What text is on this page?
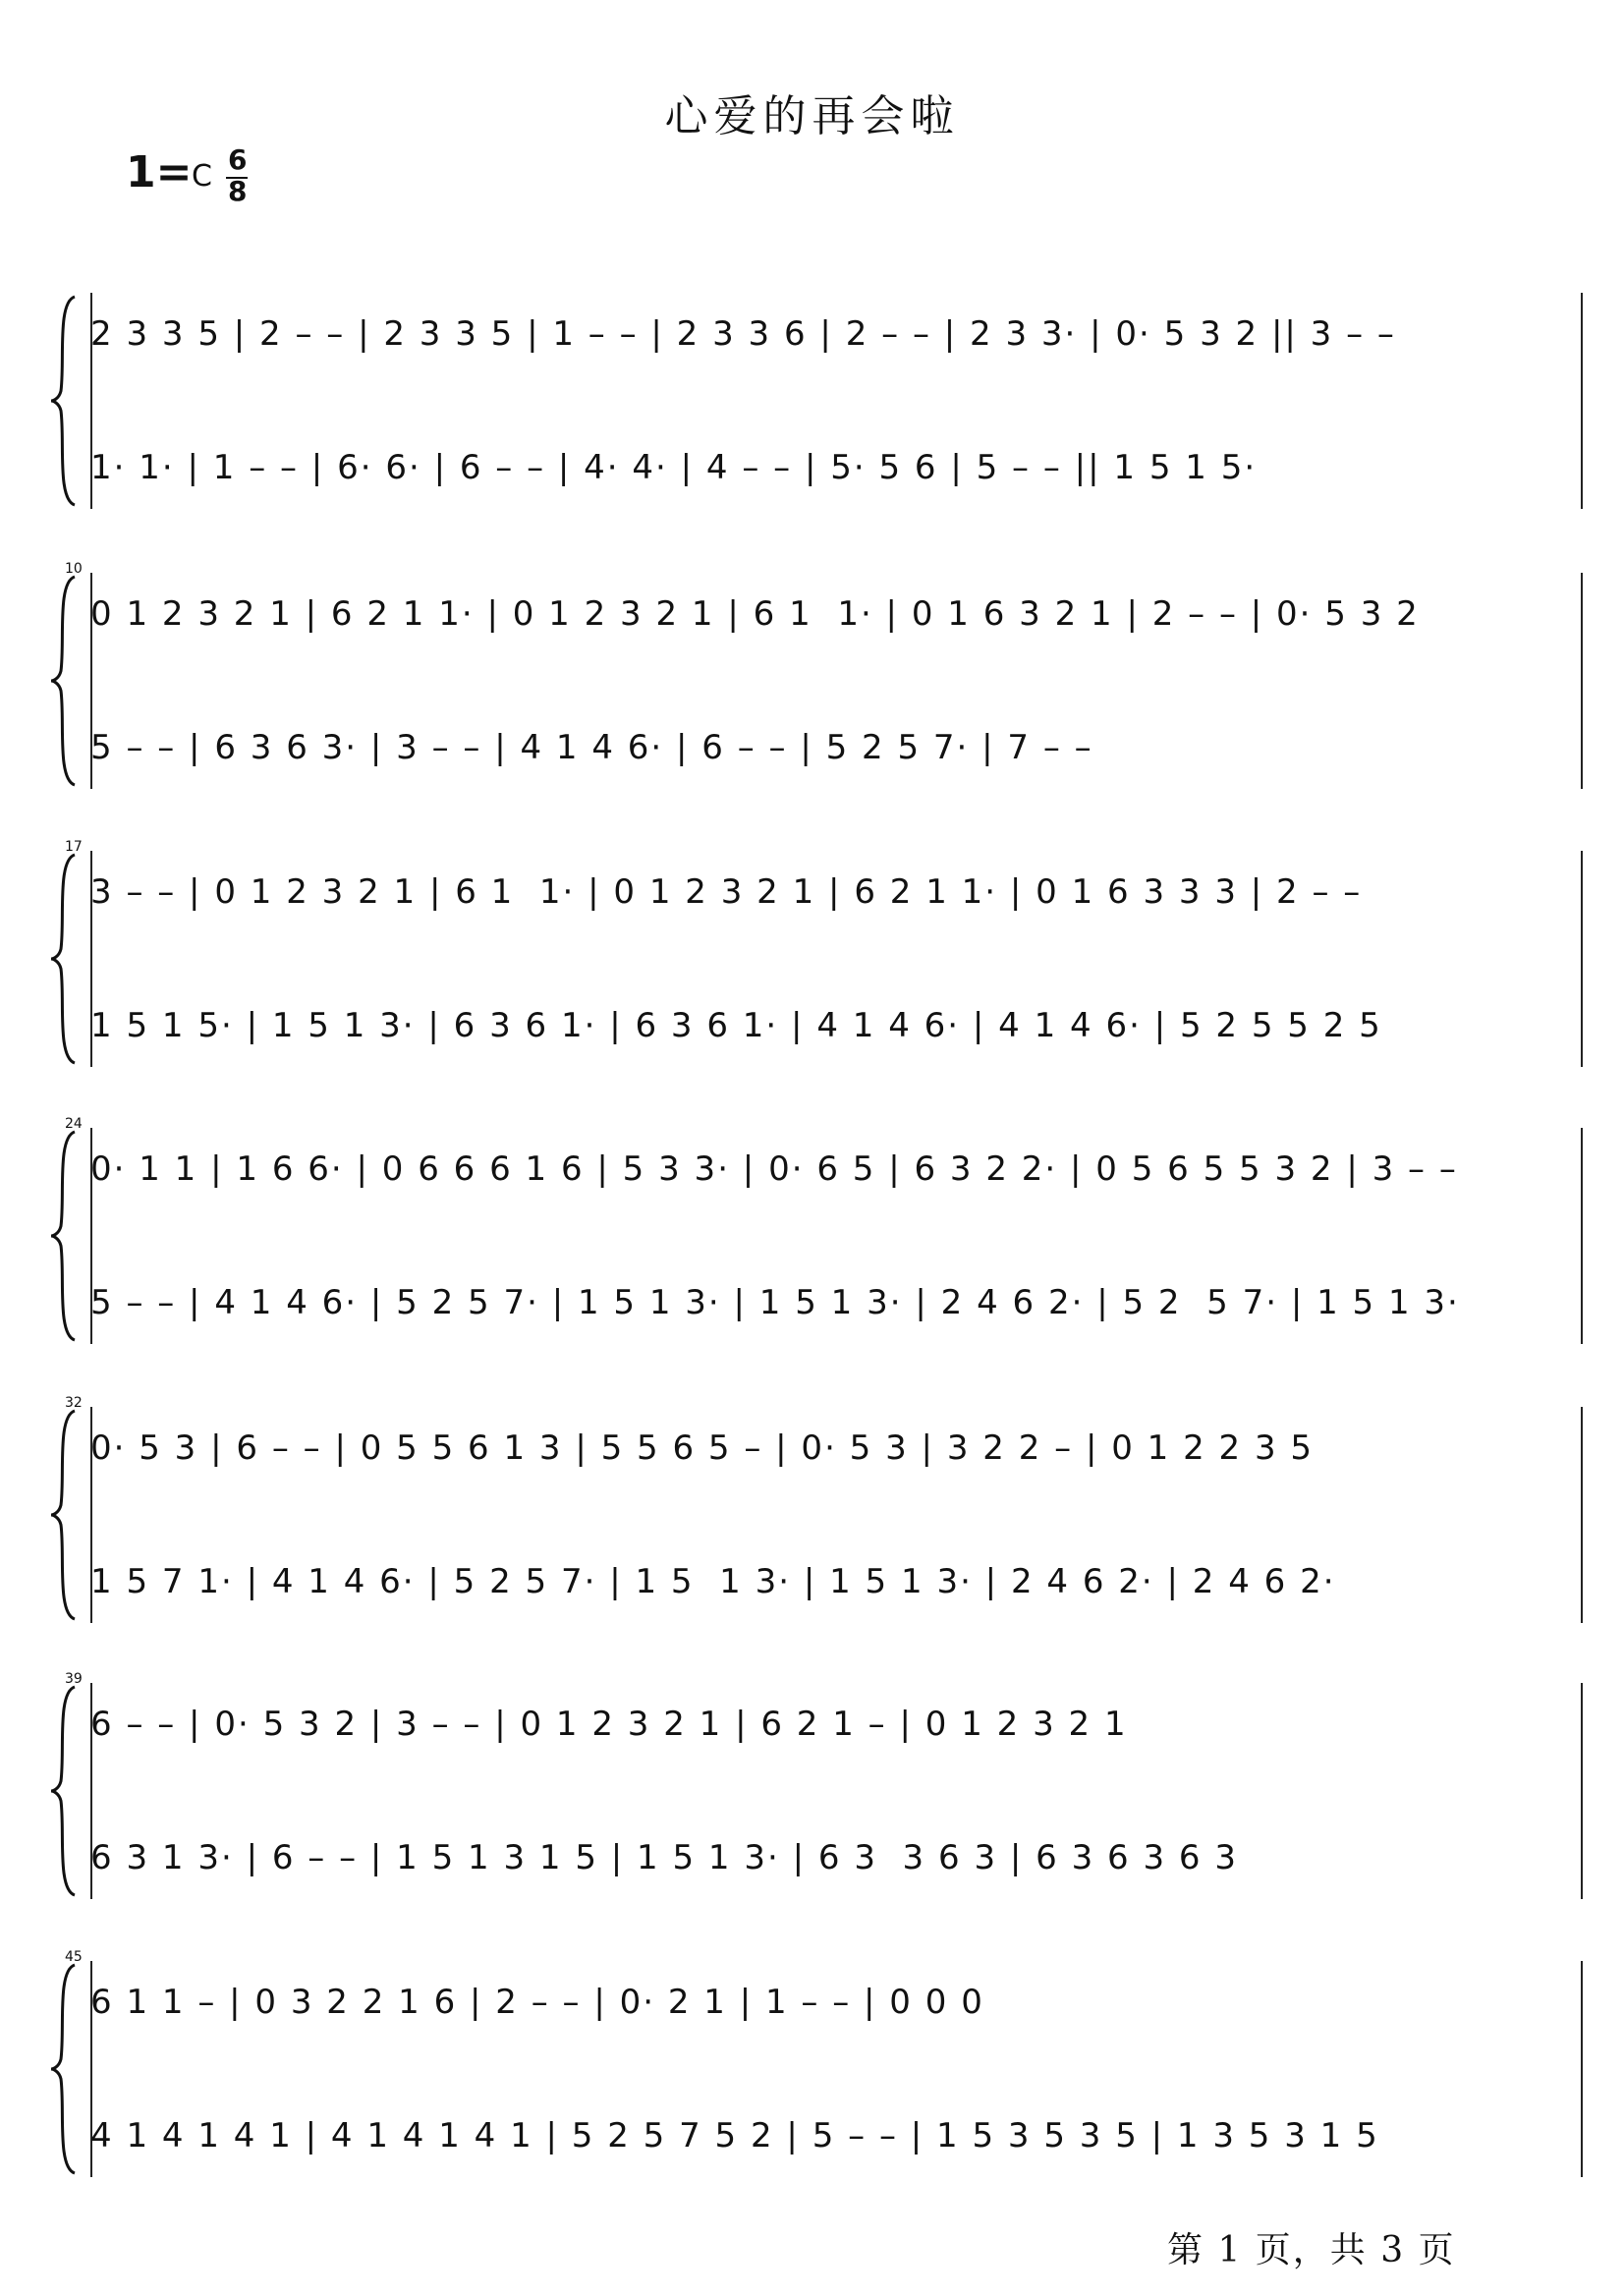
心爱的再会啦
1= C 6
8
2 3 3 5 | 2 – – | 2 3 3 5 | 1 – – | 2 3 3 6 | 2 – – | 2 3 3· | 0· 5 3 2 || 3 – –
1· 1· | 1 – – | 6· 6· | 6 – – | 4· 4· | 4 – – | 5· 5 6 | 5 – – || 1 5 1 5·
10
0 1 2 3 2 1 | 6 2 1 1· | 0 1 2 3 2 1 | 6 1  1· | 0 1 6 3 2 1 | 2 – – | 0· 5 3 2
5 – – | 6 3 6 3· | 3 – – | 4 1 4 6· | 6 – – | 5 2 5 7· | 7 – –
17
3 – – | 0 1 2 3 2 1 | 6 1  1· | 0 1 2 3 2 1 | 6 2 1 1· | 0 1 6 3 3 3 | 2 – –
1 5 1 5· | 1 5 1 3· | 6 3 6 1· | 6 3 6 1· | 4 1 4 6· | 4 1 4 6· | 5 2 5 5 2 5
24
0· 1 1 | 1 6 6· | 0 6 6 6 1 6 | 5 3 3· | 0· 6 5 | 6 3 2 2· | 0 5 6 5 5 3 2 | 3 – –
5 – – | 4 1 4 6· | 5 2 5 7· | 1 5 1 3· | 1 5 1 3· | 2 4 6 2· | 5 2  5 7· | 1 5 1 3·
32
0· 5 3 | 6 – – | 0 5 5 6 1 3 | 5 5 6 5 – | 0· 5 3 | 3 2 2 – | 0 1 2 2 3 5
1 5 7 1· | 4 1 4 6· | 5 2 5 7· | 1 5  1 3· | 1 5 1 3· | 2 4 6 2· | 2 4 6 2·
39
6 – – | 0· 5 3 2 | 3 – – | 0 1 2 3 2 1 | 6 2 1 – | 0 1 2 3 2 1
6 3 1 3· | 6 – – | 1 5 1 3 1 5 | 1 5 1 3· | 6 3  3 6 3 | 6 3 6 3 6 3
45
6 1 1 – | 0 3 2 2 1 6 | 2 – – | 0· 2 1 | 1 – – | 0 0 0
4 1 4 1 4 1 | 4 1 4 1 4 1 | 5 2 5 7 5 2 | 5 – – | 1 5 3 5 3 5 | 1 3 5 3 1 5
第 1 页，共 3 页
